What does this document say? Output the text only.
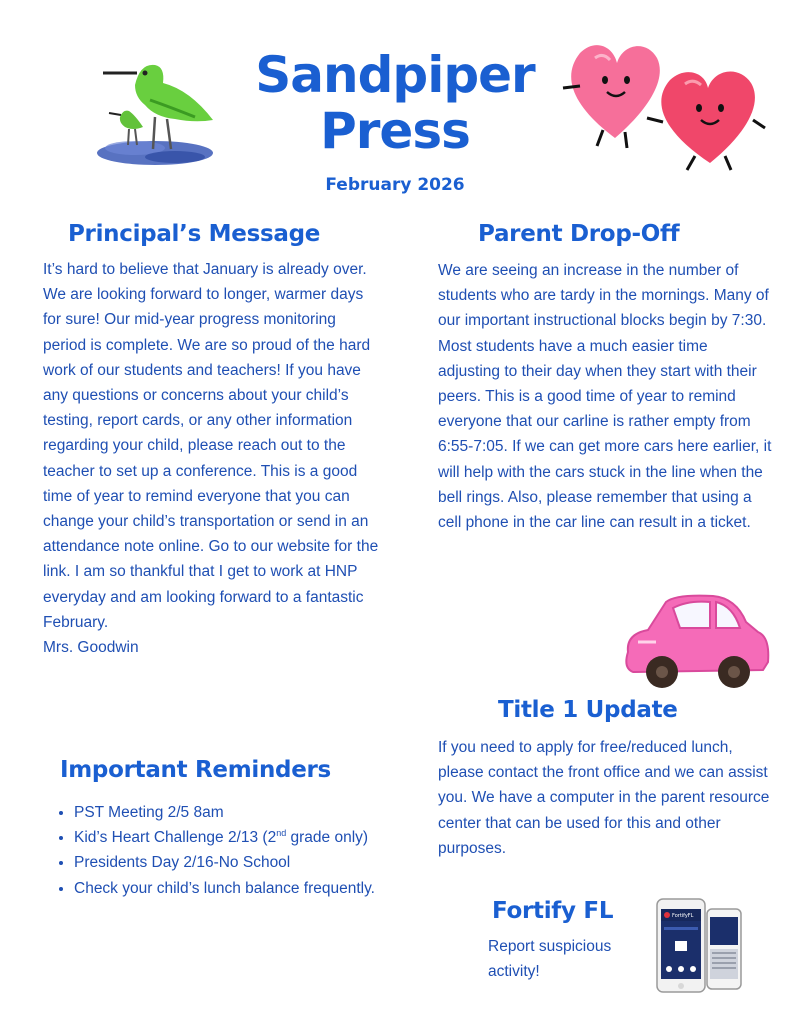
Sandpiper
Press
February 2026
Principal’s Message

It’s hard to believe that January is already over. We are looking forward to longer, warmer days for sure! Our mid-year progress monitoring period is complete. We are so proud of the hard work of our students and teachers! If you have any questions or concerns about your child’s testing, report cards, or any other information regarding your child, please reach out to the teacher to set up a conference. This is a good time of year to remind everyone that you can change your child’s transportation or send in an attendance note online. Go to our website for the link. I am so thankful that I get to work at HNP everyday and am looking forward to a fantastic February.

Mrs. Goodwin

Important Reminders
• PST Meeting 2/5 8am
• Kid’s Heart Challenge 2/13 (2nd grade only)
• Presidents Day 2/16-No School
• Check your child’s lunch balance frequently.
Parent Drop-Off
We are seeing an increase in the number of students who are tardy in the mornings. Many of our important instructional blocks begin by 7:30. Most students have a much easier time adjusting to their day when they start with their peers. This is a good time of year to remind everyone that our carline is rather empty from 6:55-7:05. If we can get more cars here earlier, it will help with the cars stuck in the line when the bell rings. Also, please remember that using a cell phone in the car line can result in a ticket.
Title 1 Update
If you need to apply for free/reduced lunch, please contact the front office and we can assist you. We have a computer in the parent resource center that can be used for this and other purposes.
Fortify FL
Report suspicious activity!
FortifyFL
